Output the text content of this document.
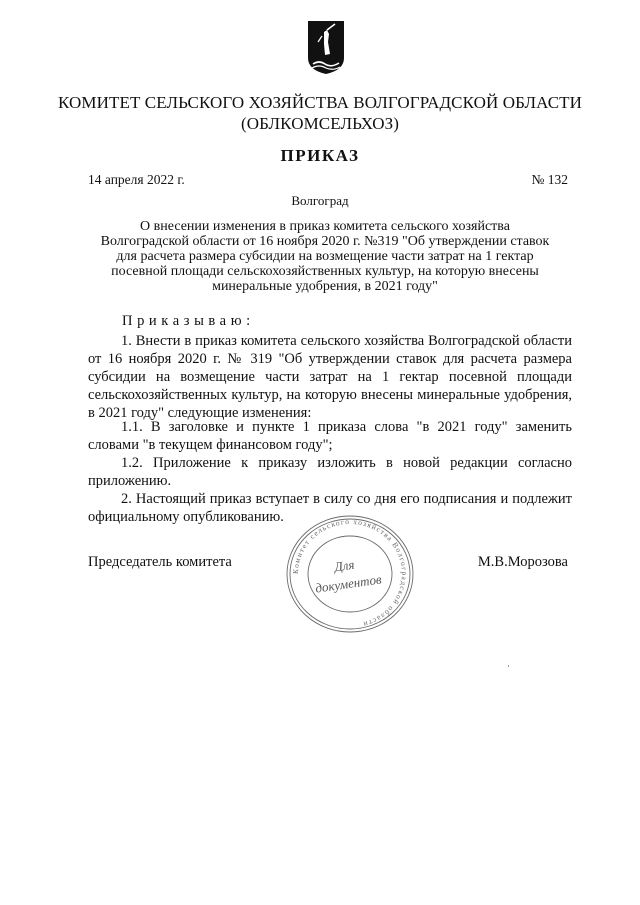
КОМИТЕТ СЕЛЬСКОГО ХОЗЯЙСТВА ВОЛГОГРАДСКОЙ ОБЛАСТИ
(ОБЛКОМСЕЛЬХОЗ)
ПРИКАЗ
14 апреля 2022 г.	№ 132
Волгоград
О внесении изменения в приказ комитета сельского хозяйства
Волгоградской области от 16 ноября 2020 г. №319 "Об утверждении ставок
для расчета размера субсидии на возмещение части затрат на 1 гектар
посевной площади сельскохозяйственных культур, на которую внесены
минеральные удобрения, в 2021 году"
Приказываю:
1. Внести в приказ комитета сельского хозяйства Волгоградской области от 16 ноября 2020 г. № 319 "Об утверждении ставок для расчета размера субсидии на возмещение части затрат на 1 гектар посевной площади сельскохозяйственных культур, на которую внесены минеральные удобрения, в 2021 году" следующие изменения:
1.1. В заголовке и пункте 1 приказа слова "в 2021 году" заменить словами "в текущем финансовом году";
1.2. Приложение к приказу изложить в новой редакции согласно приложению.
2. Настоящий приказ вступает в силу со дня его подписания и подлежит официальному опубликованию.
Комитет сельского хозяйства Волгоградской области
Для
документов
Председатель комитета	М.В.Морозова
